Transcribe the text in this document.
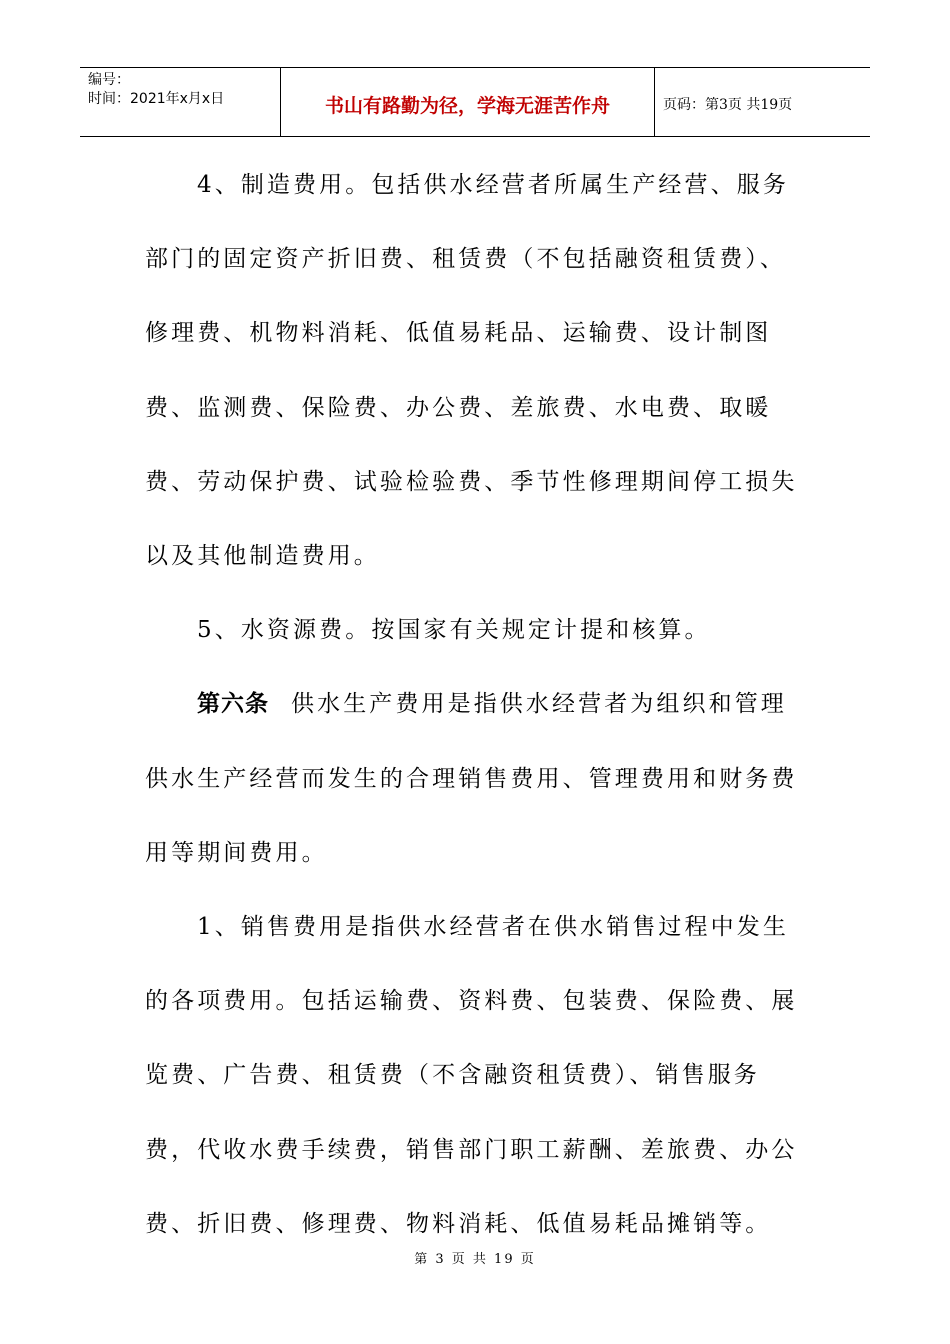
编号：
时间：2021年x月x日	书山有路勤为径，学海无涯苦作舟	页码：第3页 共19页

4、制造费用。包括供水经营者所属生产经营、服务部门的固定资产折旧费、租赁费（不包括融资租赁费）、修理费、机物料消耗、低值易耗品、运输费、设计制图费、监测费、保险费、办公费、差旅费、水电费、取暖费、劳动保护费、试验检验费、季节性修理期间停工损失以及其他制造费用。

5、水资源费。按国家有关规定计提和核算。

第六条 供水生产费用是指供水经营者为组织和管理供水生产经营而发生的合理销售费用、管理费用和财务费用等期间费用。

1、销售费用是指供水经营者在供水销售过程中发生的各项费用。包括运输费、资料费、包装费、保险费、展览费、广告费、租赁费（不含融资租赁费）、销售服务费，代收水费手续费，销售部门职工薪酬、差旅费、办公费、折旧费、修理费、物料消耗、低值易耗品摊销等。

第 3 页 共 19 页
